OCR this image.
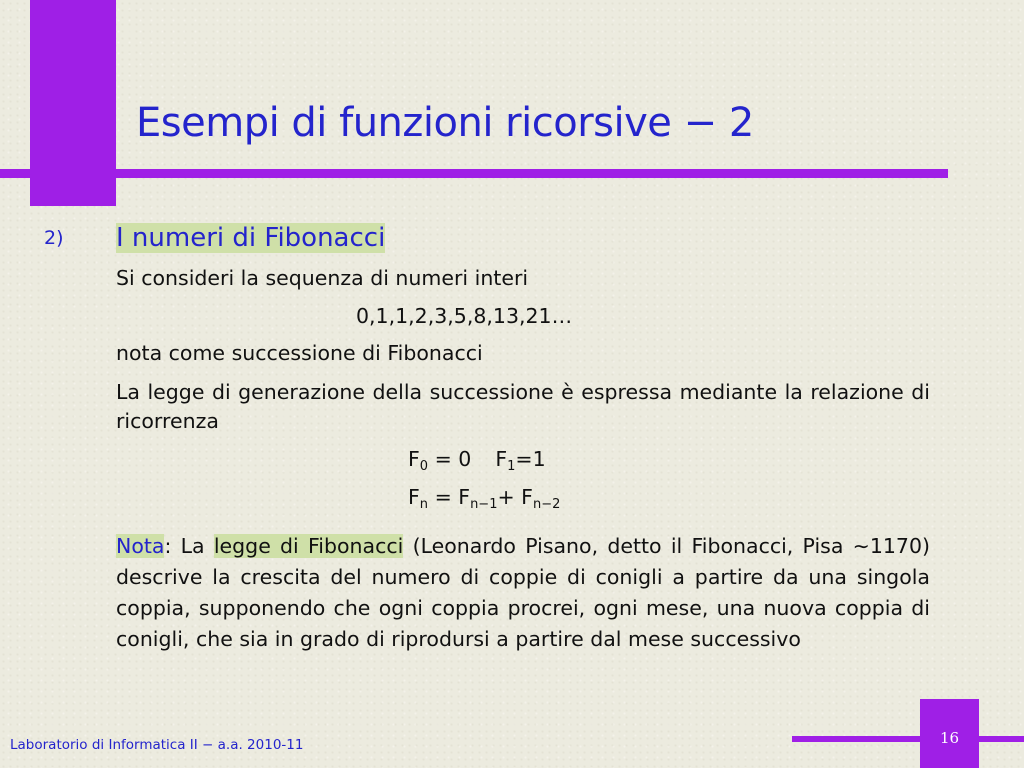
Esempi di funzioni ricorsive − 2
2) I numeri di Fibonacci
Si consideri la sequenza di numeri interi
0,1,1,2,3,5,8,13,21…
nota come successione di Fibonacci
La legge di generazione della successione è espressa mediante la relazione di ricorrenza
$F_0 = 0$ $F_1=1$
$F_n = F_{n-1}+ F_{n-2}$
Nota: La legge di Fibonacci (Leonardo Pisano, detto il Fibonacci, Pisa ∼1170) descrive la crescita del numero di coppie di conigli a partire da una singola coppia, supponendo che ogni coppia procrei, ogni mese, una nuova coppia di conigli, che sia in grado di riprodursi a partire dal mese successivo
Laboratorio di Informatica II − a.a. 2010-11	16
